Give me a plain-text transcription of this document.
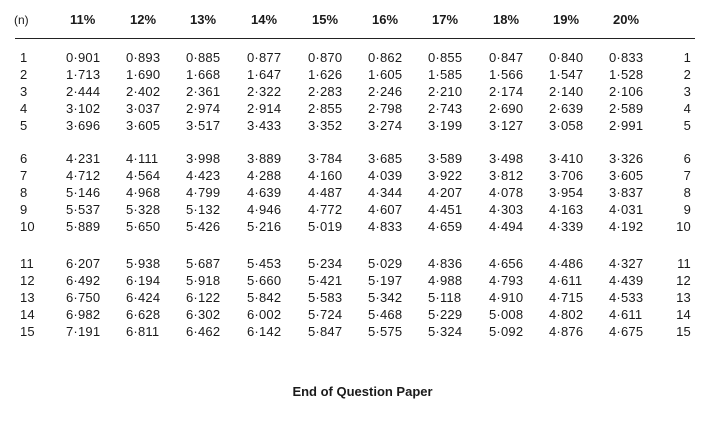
(n)	11%	12%	13%	14%	15%	16%	17%	18%	19%	20%
1	0·901 0·893 0·885 0·877 0·870 0·862 0·855 0·847 0·840 0·833	1
2	1·713 1·690 1·668 1·647 1·626 1·605 1·585 1·566 1·547 1·528	2
3	2·444 2·402 2·361 2·322 2·283 2·246 2·210 2·174 2·140 2·106	3
4	3·102 3·037 2·974 2·914 2·855 2·798 2·743 2·690 2·639 2·589	4
5	3·696 3·605 3·517 3·433 3·352 3·274 3·199 3·127 3·058 2·991	5
6	4·231 4·111 3·998 3·889 3·784 3·685 3·589 3·498 3·410 3·326	6
7	4·712 4·564 4·423 4·288 4·160 4·039 3·922 3·812 3·706 3·605	7
8	5·146 4·968 4·799 4·639 4·487 4·344 4·207 4·078 3·954 3·837	8
9	5·537 5·328 5·132 4·946 4·772 4·607 4·451 4·303 4·163 4·031	9
10 5·889 5·650 5·426 5·216 5·019 4·833 4·659 4·494 4·339 4·192	10
11 6·207 5·938 5·687 5·453 5·234 5·029 4·836 4·656 4·486 4·327	11
12 6·492 6·194 5·918 5·660 5·421 5·197 4·988 4·793 4·611 4·439	12
13 6·750 6·424 6·122 5·842 5·583 5·342 5·118 4·910 4·715 4·533	13
14 6·982 6·628 6·302 6·002 5·724 5·468 5·229 5·008 4·802 4·611	14
15 7·191 6·811 6·462 6·142 5·847 5·575 5·324 5·092 4·876 4·675	15
End of Question Paper
